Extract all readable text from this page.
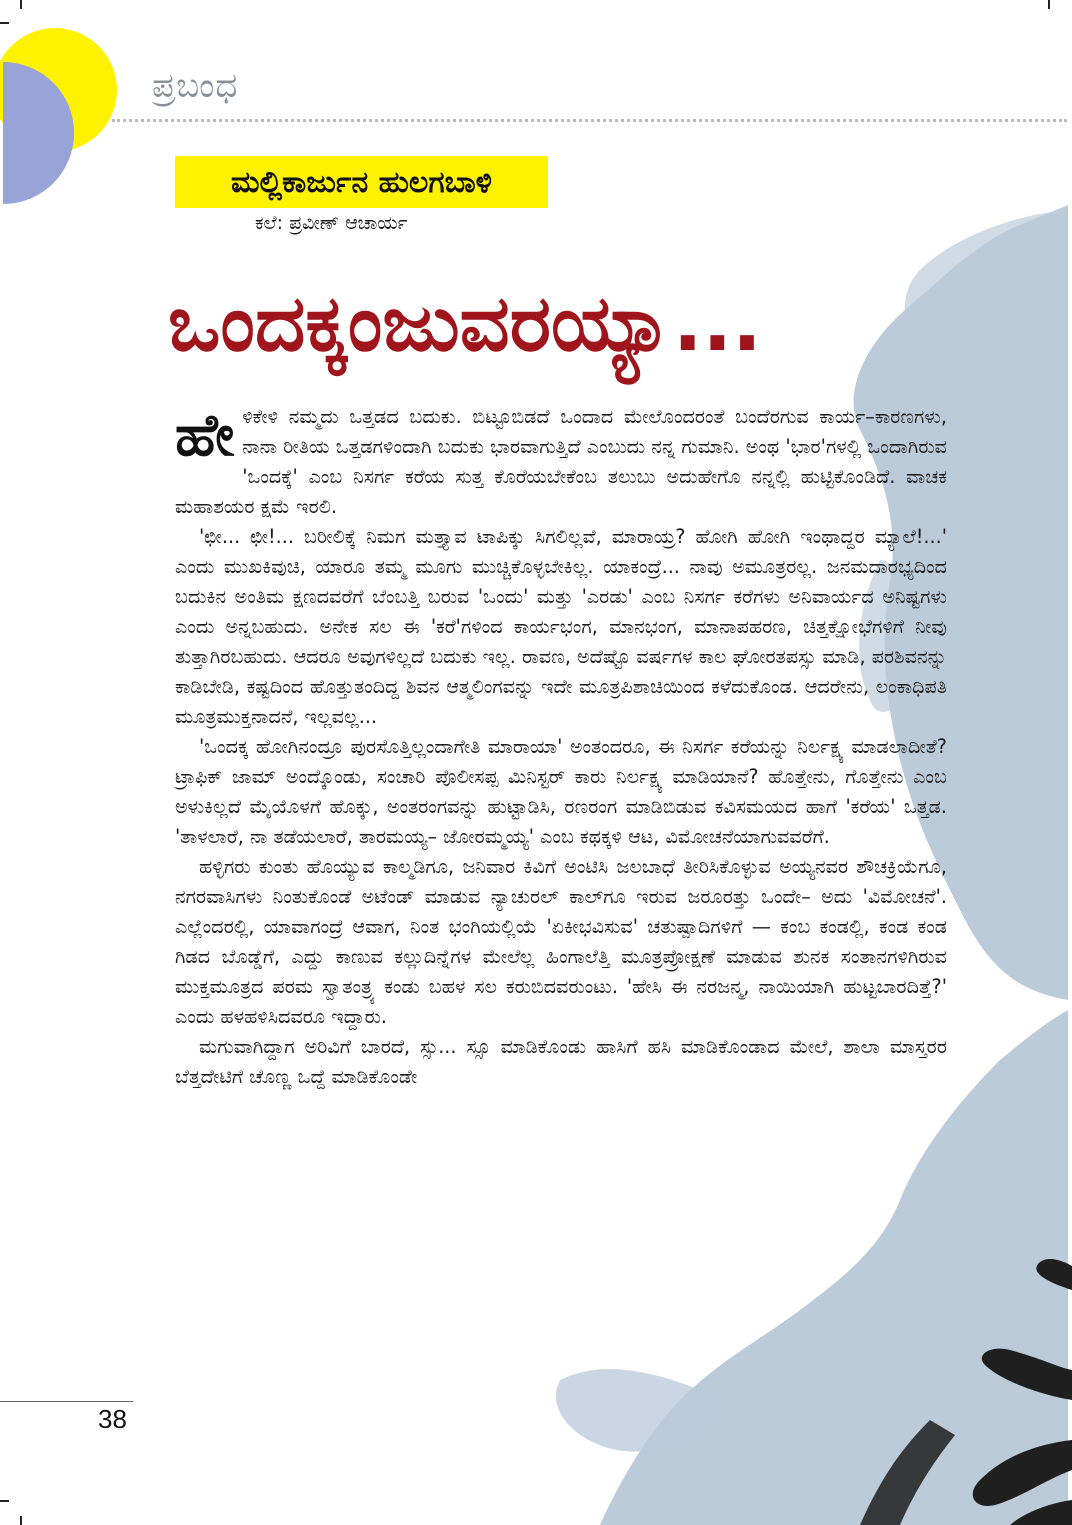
ಪ್ರಬಂಧ
ಮಲ್ಲಿಕಾರ್ಜುನ ಹುಲಗಬಾಳಿ
ಕಲೆ: ಪ್ರವೀಣ್ ಆಚಾರ್ಯ
ಒಂದಕ್ಕಂಜುವರಯ್ಯಾ...

ಹೇಳಿಕೇಳಿ ನಮ್ಮದು ಒತ್ತಡದ ಬದುಕು. ಬಿಟ್ಟೂಬಿಡದೆ ಒಂದಾದ ಮೇಲೊಂದರಂತೆ ಬಂದೆರಗುವ ಕಾರ್ಯ–ಕಾರಣಗಳು, ನಾನಾ ರೀತಿಯ ಒತ್ತಡಗಳಿಂದಾಗಿ ಬದುಕು ಭಾರವಾಗುತ್ತಿದೆ ಎಂಬುದು ನನ್ನ ಗುಮಾನಿ. ಅಂಥ 'ಭಾರ'ಗಳಲ್ಲಿ ಒಂದಾಗಿರುವ 'ಒಂದಕ್ಕೆ' ಎಂಬ ನಿಸರ್ಗ ಕರೆಯ ಸುತ್ತ ಕೊರೆಯಬೇಕೆಂಬ ತಲುಬು ಅದುಹೇಗೊ ನನ್ನಲ್ಲಿ ಹುಟ್ಟಿಕೊಂಡಿದೆ. ವಾಚಕ ಮಹಾಶಯರ ಕ್ಷಮೆ ಇರಲಿ.

'ಛೀ... ಛೀ!... ಬರೀಲಿಕ್ಕೆ ನಿಮಗ ಮತ್ತ್ಯಾವ ಟಾಪಿಕ್ಕು ಸಿಗಲಿಲ್ಲವೆ, ಮಾರಾಯ್ರ? ಹೋಗಿ ಹೋಗಿ ಇಂಥಾದ್ದರ ಮ್ಯಾಲೆ!...' ಎಂದು ಮುಖಕಿವುಚಿ, ಯಾರೂ ತಮ್ಮ ಮೂಗು ಮುಚ್ಚಿಕೊಳ್ಳಬೇಕಿಲ್ಲ. ಯಾಕಂದ್ರೆ... ನಾವು ಅಮೂತ್ರರಲ್ಲ. ಜನಮದಾರಭ್ಯದಿಂದ ಬದುಕಿನ ಅಂತಿಮ ಕ್ಷಣದವರೆಗೆ ಬೆಂಬತ್ತಿ ಬರುವ 'ಒಂದು' ಮತ್ತು 'ಎರಡು' ಎಂಬ ನಿಸರ್ಗ ಕರೆಗಳು ಅನಿವಾರ್ಯದ ಅನಿಷ್ಟಗಳು ಎಂದು ಅನ್ನಬಹುದು. ಅನೇಕ ಸಲ ಈ 'ಕರೆ'ಗಳಿಂದ ಕಾರ್ಯಭಂಗ, ಮಾನಭಂಗ, ಮಾನಾಪಹರಣ, ಚಿತ್ತಕ್ಷೋಭೆಗಳಿಗೆ ನೀವು ತುತ್ತಾಗಿರಬಹುದು. ಆದರೂ ಅವುಗಳಿಲ್ಲದೆ ಬದುಕು ಇಲ್ಲ. ರಾವಣ, ಅದೆಷ್ಟೊ ವರ್ಷಗಳ ಕಾಲ ಘೋರತಪಸ್ಸು ಮಾಡಿ, ಪರಶಿವನನ್ನು ಕಾಡಿಬೇಡಿ, ಕಷ್ಟದಿಂದ ಹೊತ್ತುತಂದಿದ್ದ ಶಿವನ ಆತ್ಮಲಿಂಗವನ್ನು ಇದೇ ಮೂತ್ರಪಿಶಾಚಿಯಿಂದ ಕಳೆದುಕೊಂಡ. ಆದರೇನು, ಲಂಕಾಧಿಪತಿ ಮೂತ್ರಮುಕ್ತನಾದನೆ, ಇಲ್ಲವಲ್ಲ...

'ಒಂದಕ್ಕ ಹೋಗಿನಂದ್ರೂ ಪುರಸೊತ್ತಿಲ್ಲಂದಾಗೇತಿ ಮಾರಾಯಾ' ಅಂತಂದರೂ, ಈ ನಿಸರ್ಗ ಕರೆಯನ್ನು ನಿರ್ಲಕ್ಷ್ಯ ಮಾಡಲಾದೀತೆ? ಟ್ರಾಫಿಕ್ ಜಾಮ್ ಅಂದ್ಕೊಂಡು, ಸಂಚಾರಿ ಪೊಲೀಸಪ್ಪ ಮಿನಿಸ್ಟರ್ ಕಾರು ನಿರ್ಲಕ್ಷ್ಯ ಮಾಡಿಯಾನೆ? ಹೊತ್ತೇನು, ಗೊತ್ತೇನು ಎಂಬ ಅಳುಕಿಲ್ಲದೆ ಮೈಯೊಳಗೆ ಹೊಕ್ಕು, ಅಂತರಂಗವನ್ನು ಹುಟ್ಟಾಡಿಸಿ, ರಣರಂಗ ಮಾಡಿಬಿಡುವ ಕವಿಸಮಯದ ಹಾಗೆ 'ಕರೆಯ' ಒತ್ತಡ. 'ತಾಳಲಾರೆ, ನಾ ತಡೆಯಲಾರೆ, ತಾರಮಯ್ಯ– ಜೋರಮ್ಮಯ್ಯ' ಎಂಬ ಕಥಕ್ಕಳಿ ಆಟ, ವಿಮೋಚನೆಯಾಗುವವರೆಗೆ.

ಹಳ್ಳಿಗರು ಕುಂತು ಹೊಯ್ಯುವ ಕಾಲ್ಮಡಿಗೂ, ಜನಿವಾರ ಕಿವಿಗೆ ಅಂಟಿಸಿ ಜಲಬಾಧೆ ತೀರಿಸಿಕೊಳ್ಳುವ ಅಯ್ಯನವರ ಶೌಚಕ್ರಿಯೆಗೂ, ನಗರವಾಸಿಗಳು ನಿಂತುಕೊಂಡೆ ಅಟೆಂಡ್ ಮಾಡುವ ನ್ಯಾಚುರಲ್ ಕಾಲ್‌ಗೂ ಇರುವ ಜರೂರತ್ತು ಒಂದೇ– ಅದು 'ವಿಮೋಚನೆ'. ಎಲ್ಲೆಂದರಲ್ಲಿ, ಯಾವಾಗಂದ್ರೆ ಆವಾಗ, ನಿಂತ ಭಂಗಿಯಲ್ಲಿಯೆ 'ಏಕೀಭವಿಸುವ' ಚತುಷ್ಪಾದಿಗಳಿಗೆ — ಕಂಬ ಕಂಡಲ್ಲಿ, ಕಂಡ ಕಂಡ ಗಿಡದ ಬೊಡ್ಡೆಗೆ, ಎದ್ದು ಕಾಣುವ ಕಲ್ಲುದಿನ್ನೆಗಳ ಮೇಲೆಲ್ಲ ಹಿಂಗಾಲೆತ್ತಿ ಮೂತ್ರಪ್ರೋಕ್ಷಣೆ ಮಾಡುವ ಶುನಕ ಸಂತಾನಗಳಿಗಿರುವ ಮುಕ್ತಮೂತ್ರದ ಪರಮ ಸ್ವಾತಂತ್ರ್ಯ ಕಂಡು ಬಹಳ ಸಲ ಕರುಬಿದವರುಂಟು. 'ಹೇಸಿ ಈ ನರಜನ್ಮ, ನಾಯಿಯಾಗಿ ಹುಟ್ಟಬಾರದಿತ್ತೆ?' ಎಂದು ಹಳಹಳಿಸಿದವರೂ ಇದ್ದಾರು.

ಮಗುವಾಗಿದ್ದಾಗ ಅರಿವಿಗೆ ಬಾರದೆ, ಸ್ಸು... ಸ್ಸೂ ಮಾಡಿಕೊಂಡು ಹಾಸಿಗೆ ಹಸಿ ಮಾಡಿಕೊಂಡಾದ ಮೇಲೆ, ಶಾಲಾ ಮಾಸ್ತರರ ಬೆತ್ತದೇಟಿಗೆ ಚೊಣ್ಣ ಒದ್ದೆ ಮಾಡಿಕೊಂಡೇ

38
